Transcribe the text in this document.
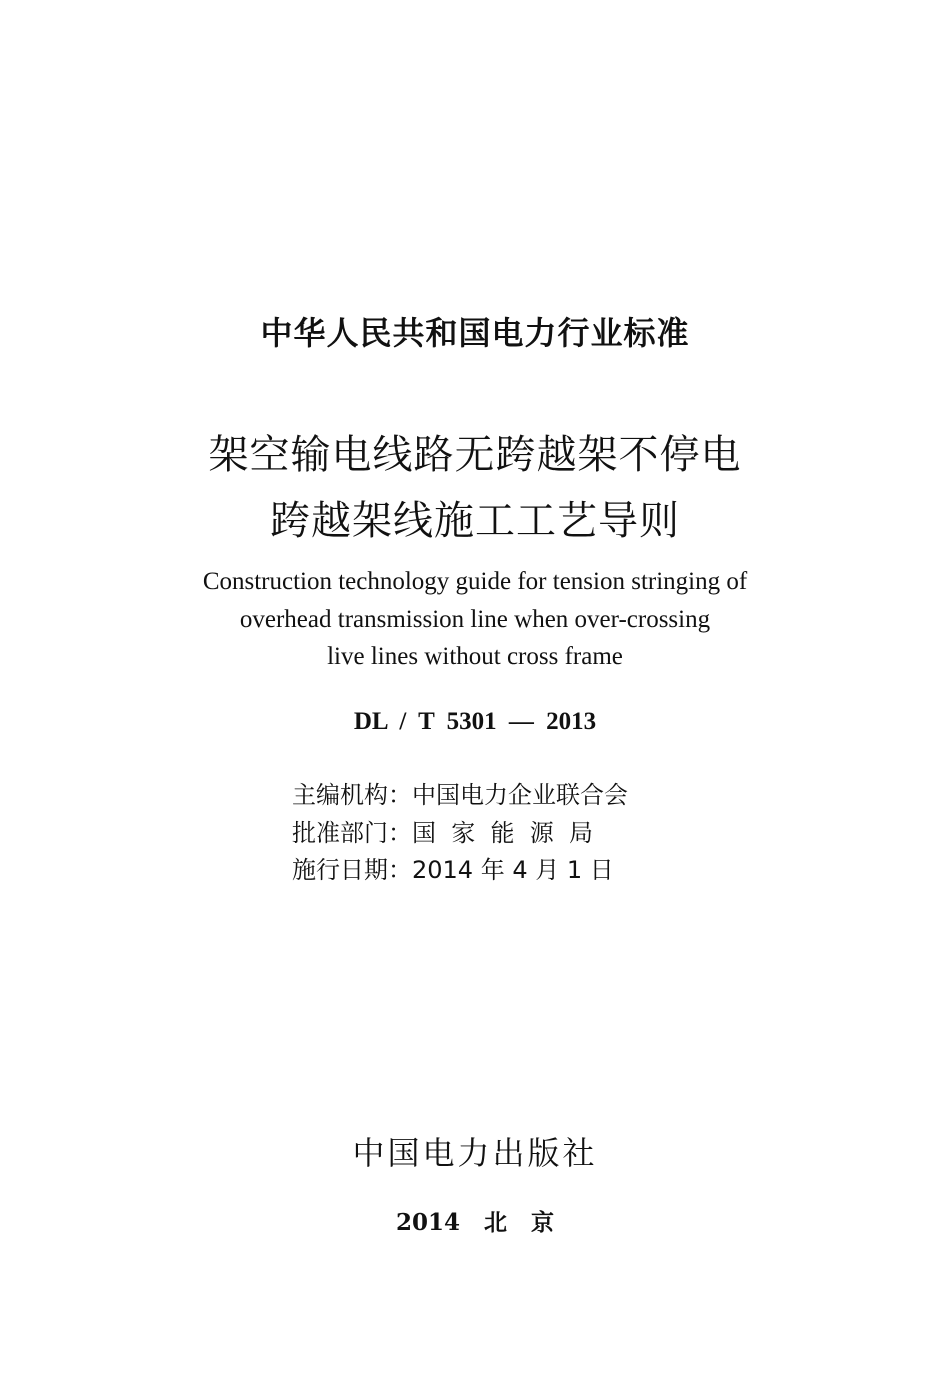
中华人民共和国电力行业标准
架空输电线路无跨越架不停电
跨越架线施工工艺导则
Construction technology guide for tension stringing of
overhead transmission line when over-crossing
live lines without cross frame
DL / T 5301 — 2013
主编机构：中国电力企业联合会
批准部门：国  家  能  源  局
施行日期：2014 年 4 月 1 日
中国电力出版社
2014   北   京
